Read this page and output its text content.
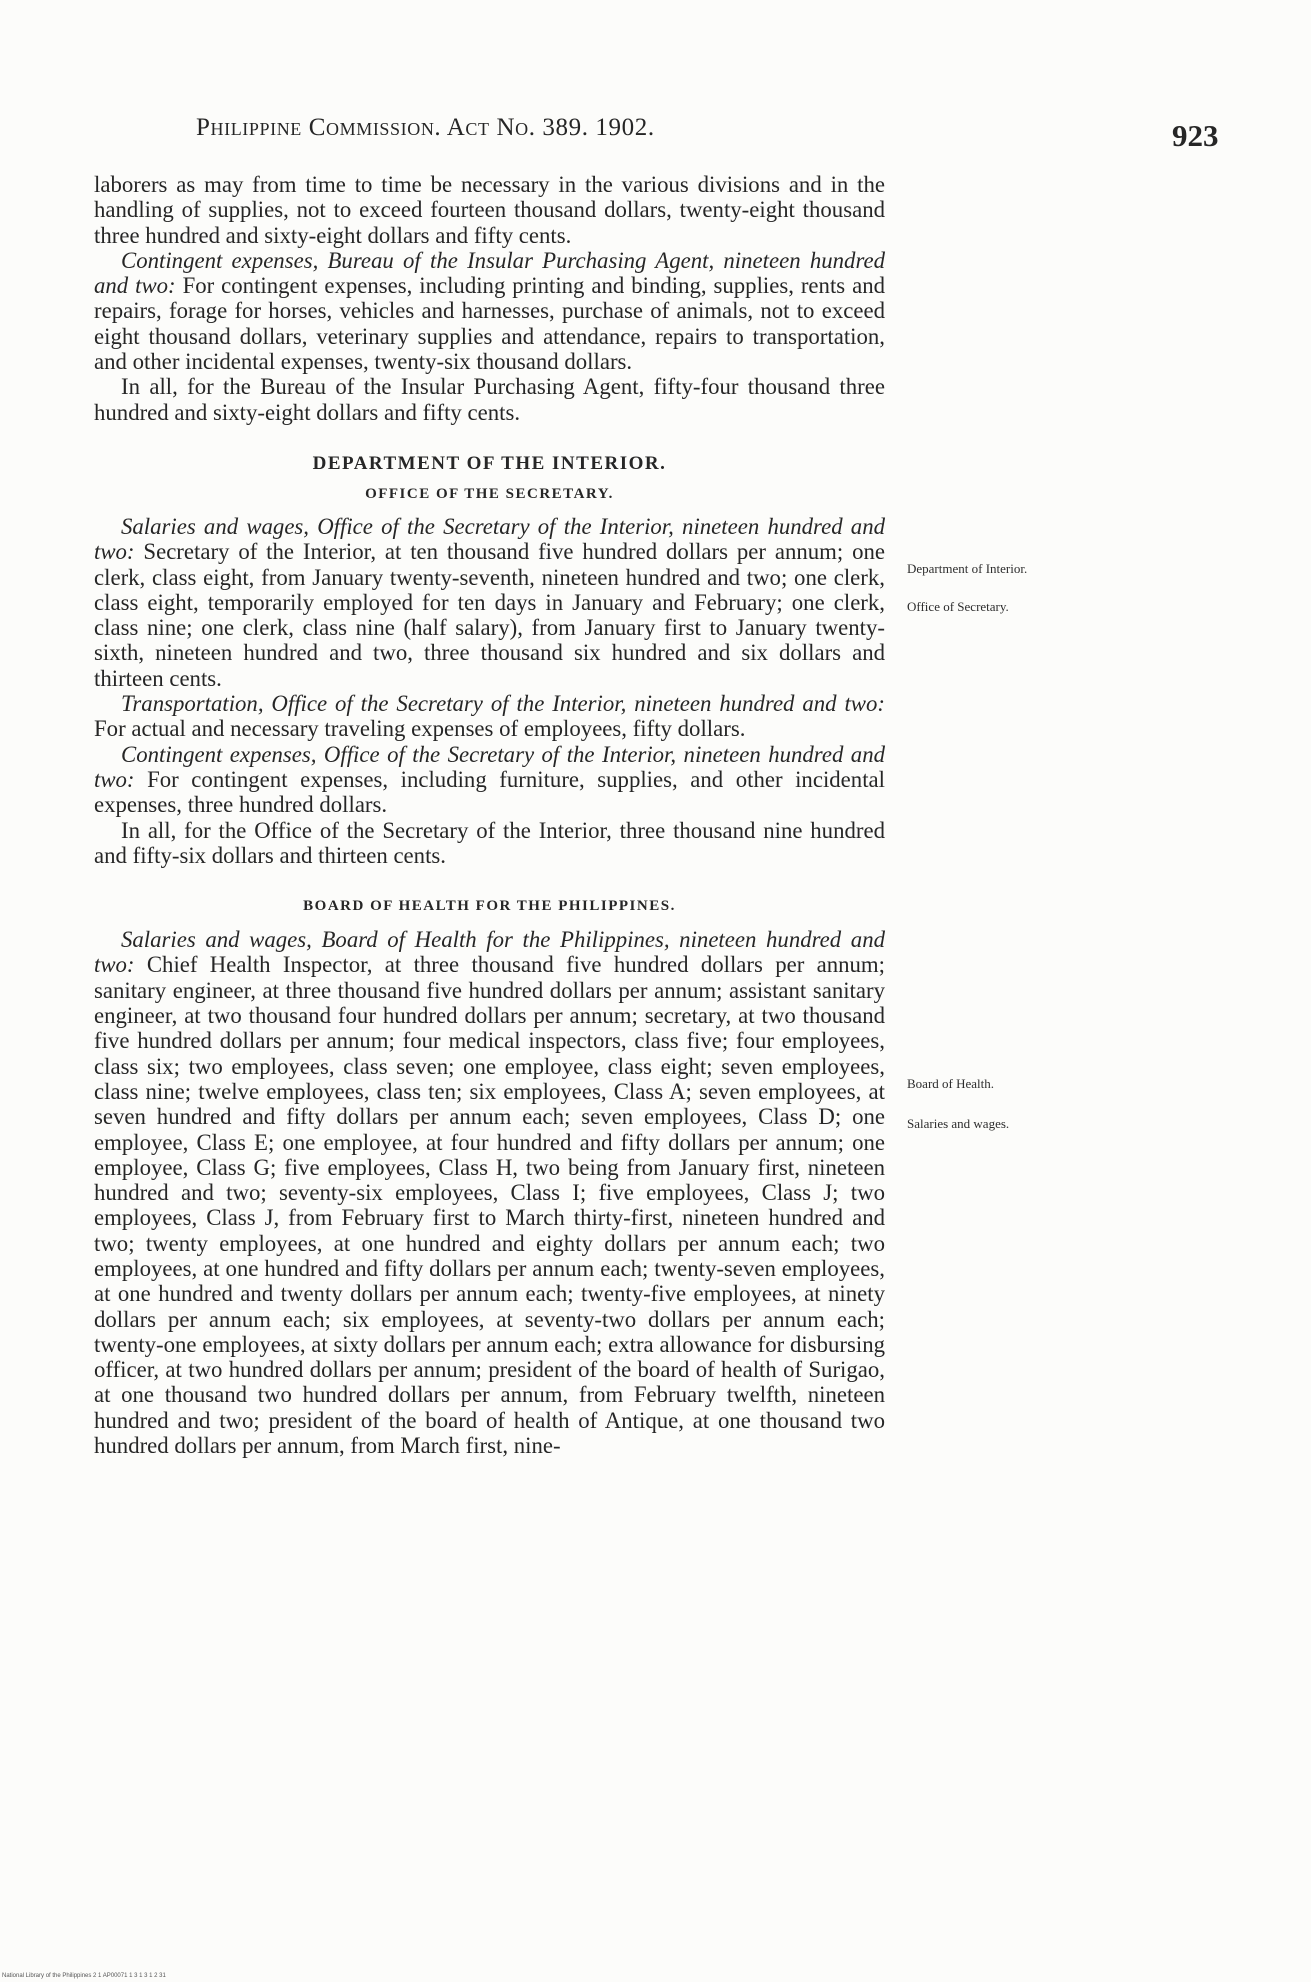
Philippine Commission. Act No. 389. 1902.	923

laborers as may from time to time be necessary in the various divisions and in the handling of supplies, not to exceed fourteen thousand dollars, twenty-eight thousand three hundred and sixty-eight dollars and fifty cents.

Contingent expenses, Bureau of the Insular Purchasing Agent, nineteen hundred and two: For contingent expenses, including printing and binding, supplies, rents and repairs, forage for horses, vehicles and harnesses, purchase of animals, not to exceed eight thousand dollars, veterinary supplies and attendance, repairs to transportation, and other incidental expenses, twenty-six thousand dollars.

In all, for the Bureau of the Insular Purchasing Agent, fifty-four thousand three hundred and sixty-eight dollars and fifty cents.

DEPARTMENT OF THE INTERIOR.
OFFICE OF THE SECRETARY.

Salaries and wages, Office of the Secretary of the Interior, nineteen hundred and two: Secretary of the Interior, at ten thousand five hundred dollars per annum; one clerk, class eight, from January twenty-seventh, nineteen hundred and two; one clerk, class eight, temporarily employed for ten days in January and February; one clerk, class nine; one clerk, class nine (half salary), from January first to January twenty-sixth, nineteen hundred and two, three thousand six hundred and six dollars and thirteen cents.

Transportation, Office of the Secretary of the Interior, nineteen hundred and two: For actual and necessary traveling expenses of employees, fifty dollars.

Contingent expenses, Office of the Secretary of the Interior, nineteen hundred and two: For contingent expenses, including furniture, supplies, and other incidental expenses, three hundred dollars.

In all, for the Office of the Secretary of the Interior, three thousand nine hundred and fifty-six dollars and thirteen cents.

BOARD OF HEALTH FOR THE PHILIPPINES.

Salaries and wages, Board of Health for the Philippines, nineteen hundred and two: Chief Health Inspector, at three thousand five hundred dollars per annum; sanitary engineer, at three thousand five hundred dollars per annum; assistant sanitary engineer, at two thousand four hundred dollars per annum; secretary, at two thousand five hundred dollars per annum; four medical inspectors, class five; four employees, class six; two employees, class seven; one employee, class eight; seven employees, class nine; twelve employees, class ten; six employees, Class A; seven employees, at seven hundred and fifty dollars per annum each; seven employees, Class D; one employee, Class E; one employee, at four hundred and fifty dollars per annum; one employee, Class G; five employees, Class H, two being from January first, nineteen hundred and two; seventy-six employees, Class I; five employees, Class J; two employees, Class J, from February first to March thirty-first, nineteen hundred and two; twenty employees, at one hundred and eighty dollars per annum each; two employees, at one hundred and fifty dollars per annum each; twenty-seven employees, at one hundred and twenty dollars per annum each; twenty-five employees, at ninety dollars per annum each; six employees, at seventy-two dollars per annum each; twenty-one employees, at sixty dollars per annum each; extra allowance for disbursing officer, at two hundred dollars per annum; president of the board of health of Surigao, at one thousand two hundred dollars per annum, from February twelfth, nineteen hundred and two; president of the board of health of Antique, at one thousand two hundred dollars per annum, from March first, nine-

Department of Interior.
Office of Secretary.
Board of Health.
Salaries and wages.
National Library of the Philippines 2 1 AP00071 1 3 1 3 1 2 31
